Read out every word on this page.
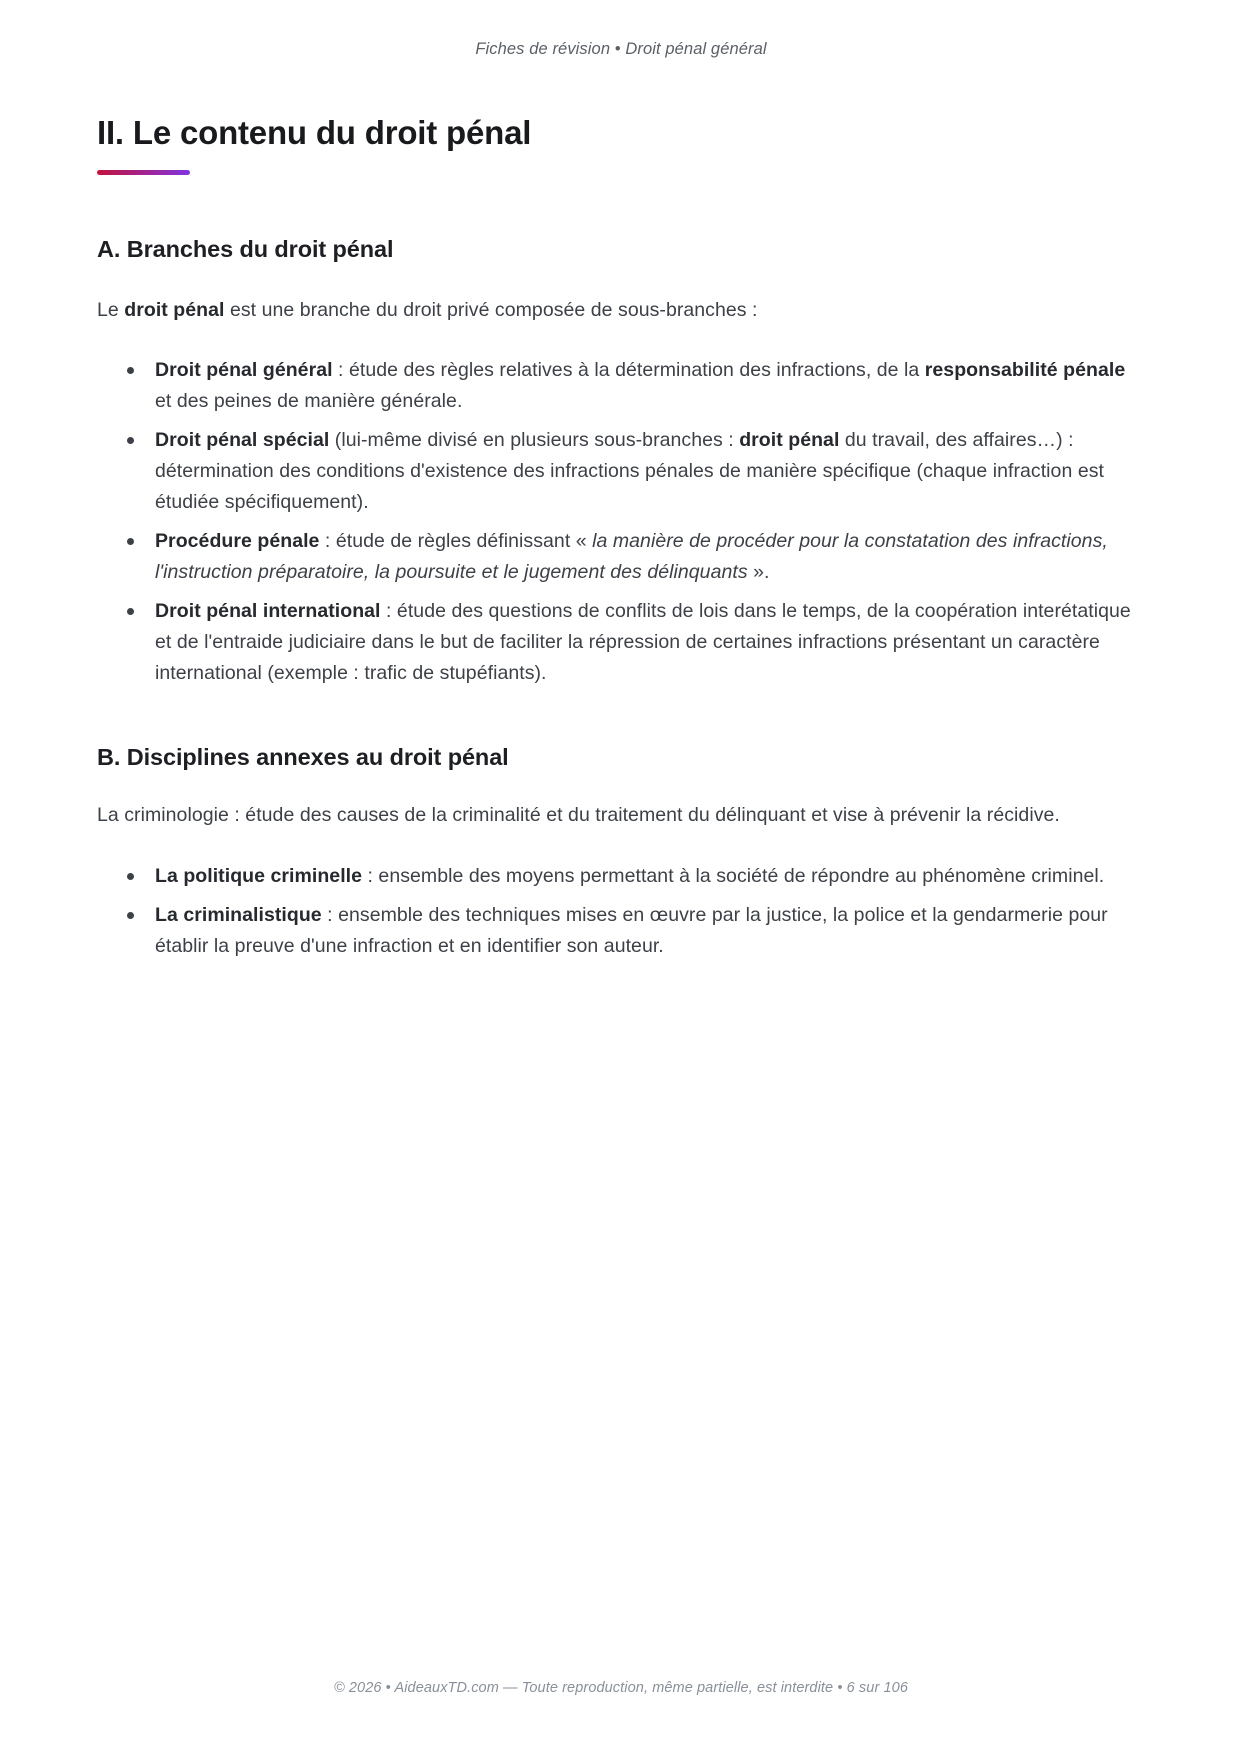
Fiches de révision • Droit pénal général
II. Le contenu du droit pénal
A. Branches du droit pénal

Le droit pénal est une branche du droit privé composée de sous-branches :

Droit pénal général : étude des règles relatives à la détermination des infractions, de la responsabilité pénale et des peines de manière générale.
Droit pénal spécial (lui-même divisé en plusieurs sous-branches : droit pénal du travail, des affaires…) : détermination des conditions d'existence des infractions pénales de manière spécifique (chaque infraction est étudiée spécifiquement).
Procédure pénale : étude de règles définissant « la manière de procéder pour la constatation des infractions, l'instruction préparatoire, la poursuite et le jugement des délinquants ».
Droit pénal international : étude des questions de conflits de lois dans le temps, de la coopération interétatique et de l'entraide judiciaire dans le but de faciliter la répression de certaines infractions présentant un caractère international (exemple : trafic de stupéfiants).
B. Disciplines annexes au droit pénal

La criminologie : étude des causes de la criminalité et du traitement du délinquant et vise à prévenir la récidive.

La politique criminelle : ensemble des moyens permettant à la société de répondre au phénomène criminel.
La criminalistique : ensemble des techniques mises en œuvre par la justice, la police et la gendarmerie pour établir la preuve d'une infraction et en identifier son auteur.
© 2026 • AideauxTD.com — Toute reproduction, même partielle, est interdite • 6 sur 106
